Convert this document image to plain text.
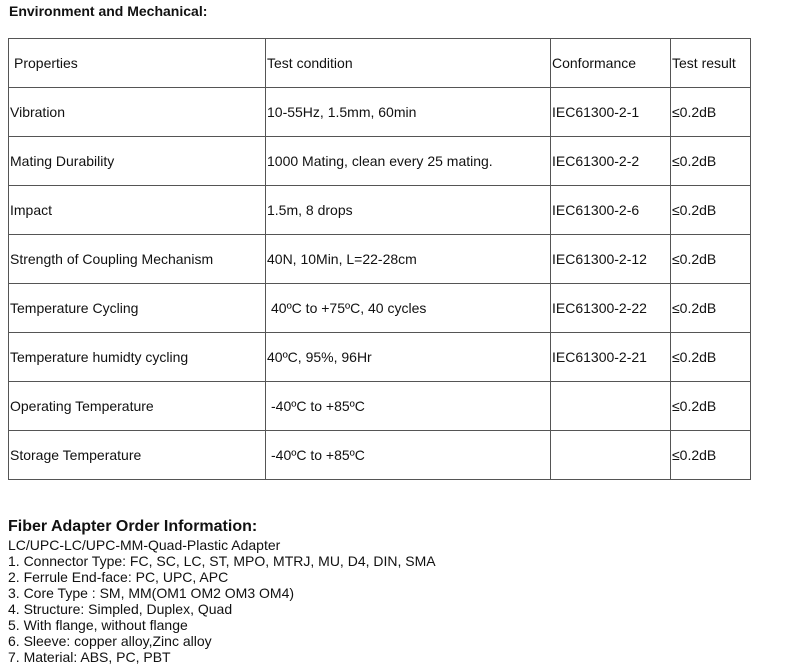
Environment and Mechanical:
Properties	Test condition	Conformance	Test result
Vibration	10-55Hz, 1.5mm, 60min	IEC61300-2-1	≤0.2dB
Mating Durability	1000 Mating, clean every 25 mating.	IEC61300-2-2	≤0.2dB
Impact	1.5m, 8 drops	IEC61300-2-6	≤0.2dB
Strength of Coupling Mechanism	40N, 10Min, L=22-28cm	IEC61300-2-12	≤0.2dB
Temperature Cycling	40ºC to +75ºC, 40 cycles	IEC61300-2-22	≤0.2dB
Temperature humidty cycling	40ºC, 95%, 96Hr	IEC61300-2-21	≤0.2dB
Operating Temperature	-40ºC to +85ºC		≤0.2dB
Storage Temperature	-40ºC to +85ºC		≤0.2dB
Fiber Adapter Order Information:
LC/UPC-LC/UPC-MM-Quad-Plastic Adapter
1. Connector Type: FC, SC, LC, ST, MPO, MTRJ, MU, D4, DIN, SMA
2. Ferrule End-face: PC, UPC, APC
3. Core Type : SM, MM(OM1 OM2 OM3 OM4)
4. Structure: Simpled, Duplex, Quad
5. With flange, without flange
6. Sleeve: copper alloy,Zinc alloy
7. Material: ABS, PC, PBT
